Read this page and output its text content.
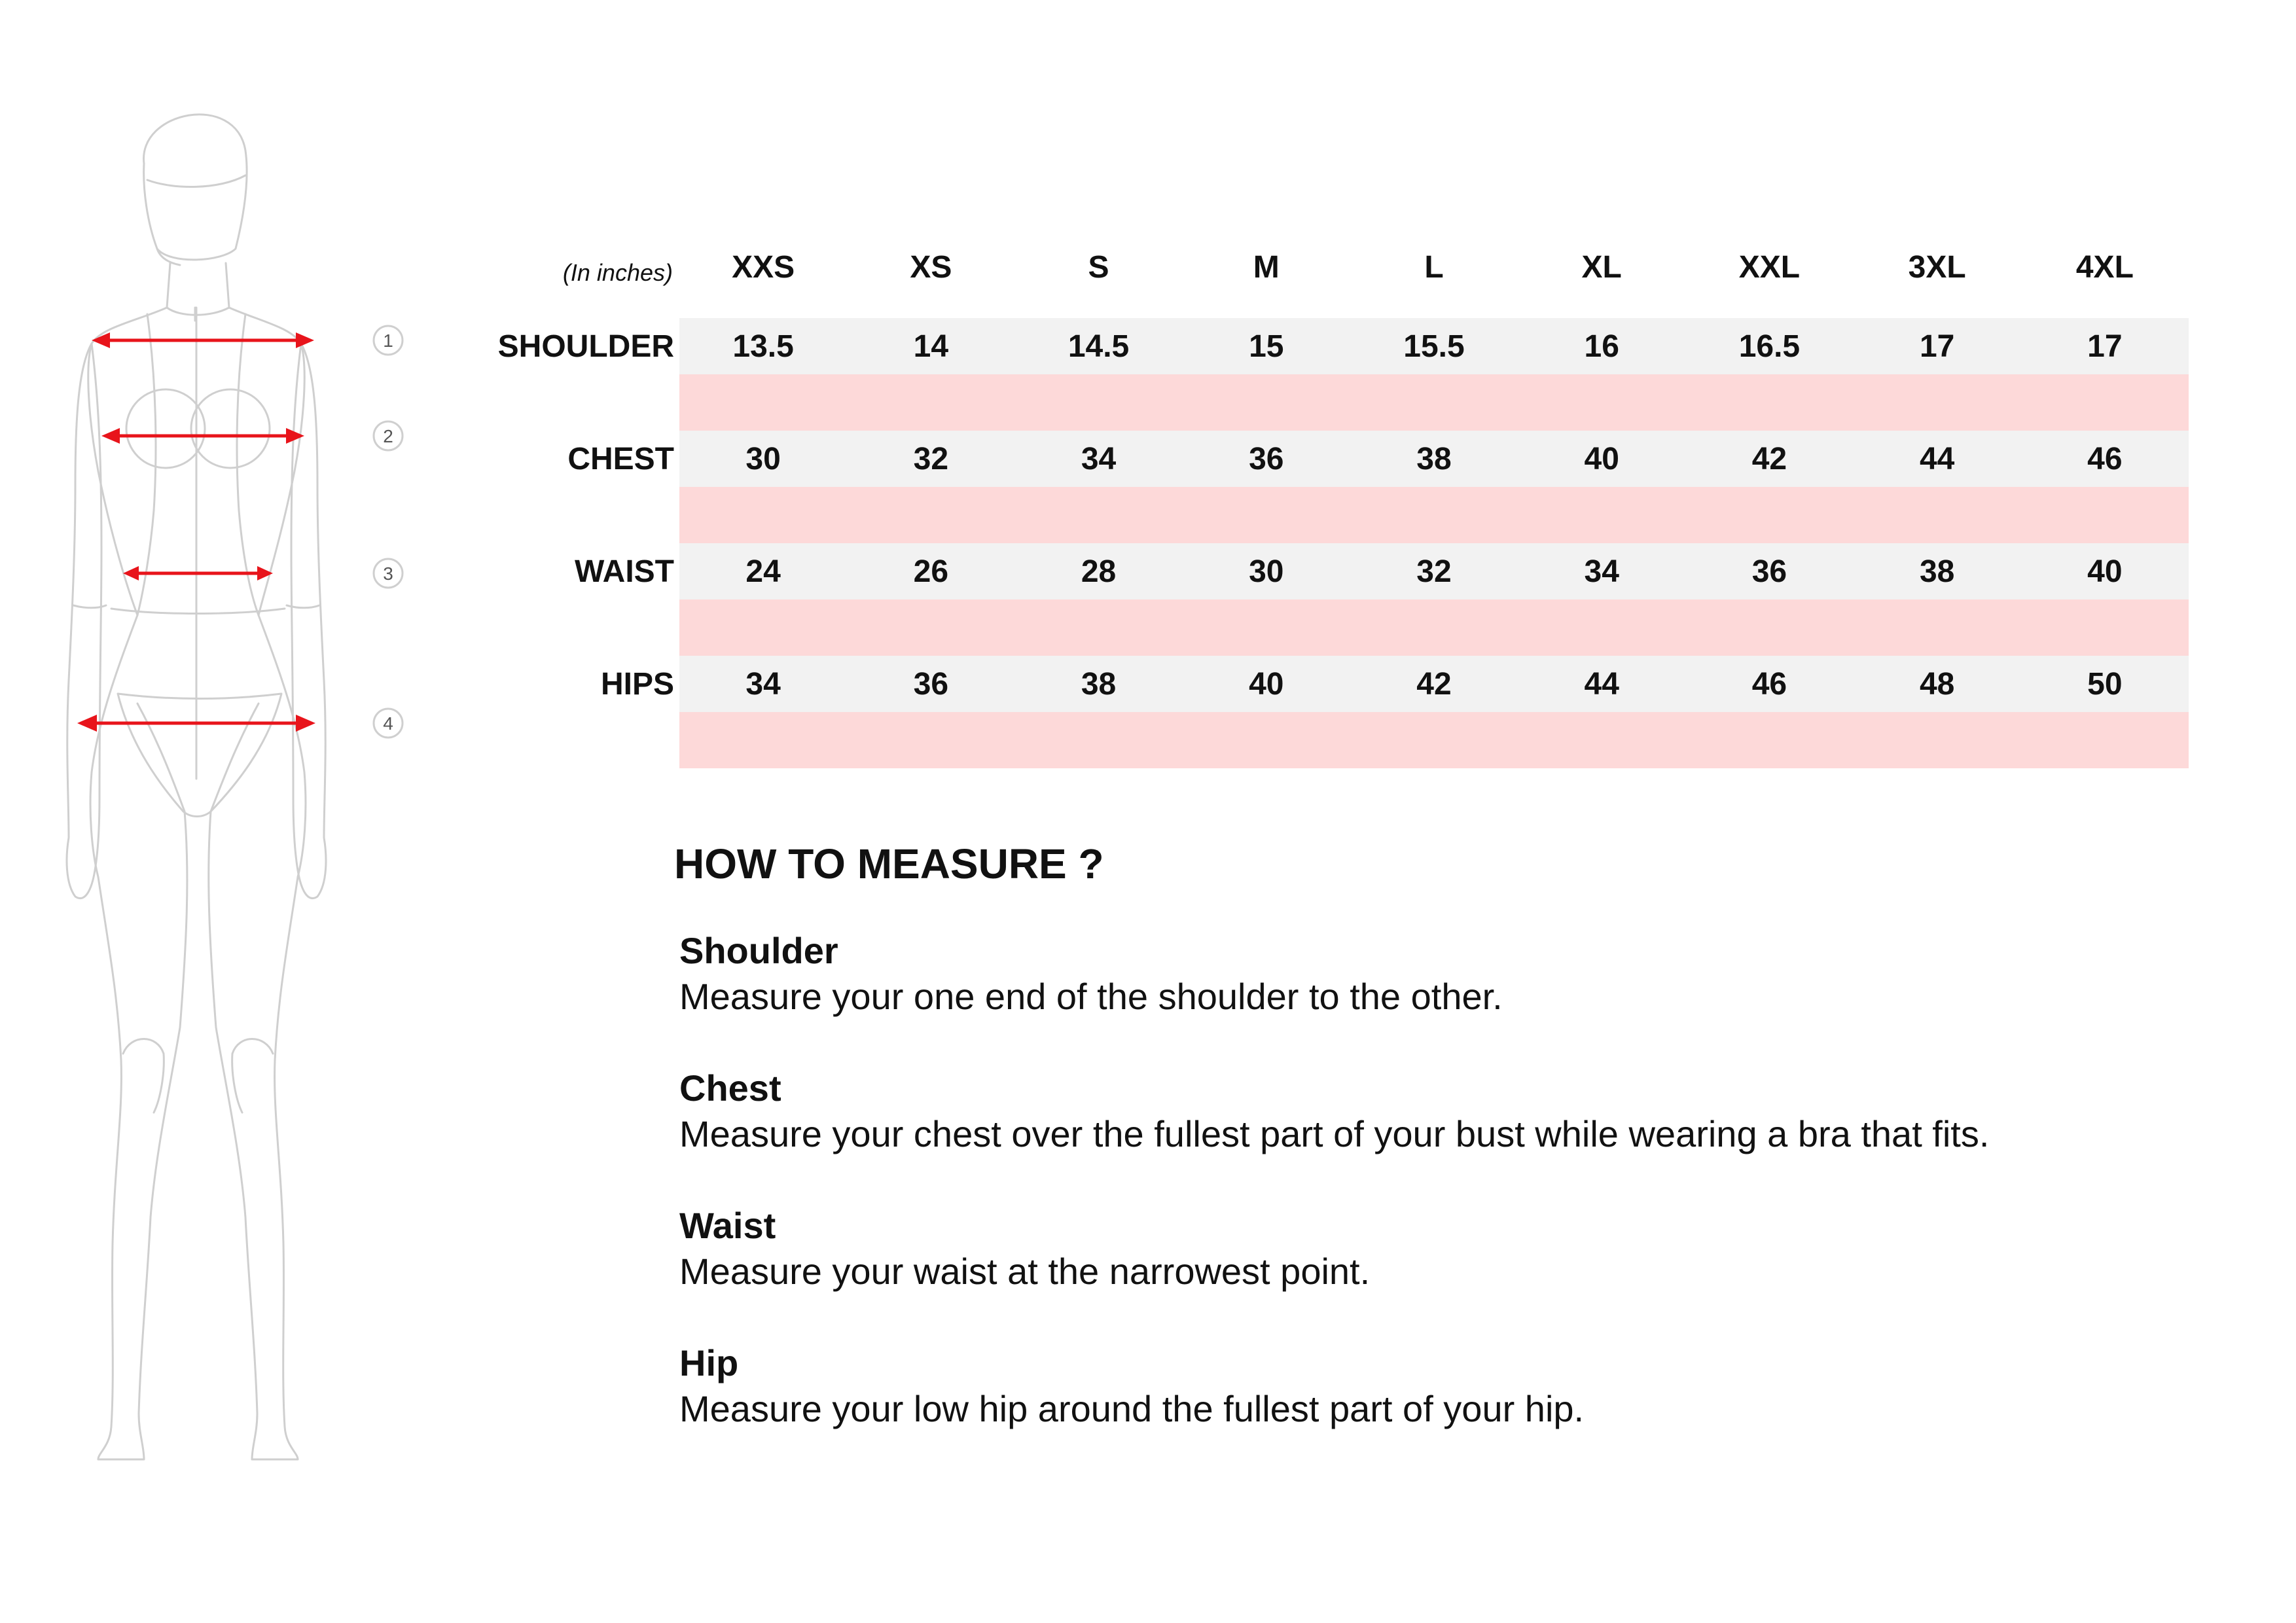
1
2
3
4
(In inches)	XXS	XS	S	M	L	XL	XXL	3XL	4XL
SHOULDER	13.5	14	14.5	15	15.5	16	16.5	17	17

CHEST	30	32	34	36	38	40	42	44	46

WAIST	24	26	28	30	32	34	36	38	40

HIPS	34	36	38	40	42	44	46	48	50

HOW TO MEASURE ?
Shoulder

Measure your one end of the shoulder to the other.

Chest

Measure your chest over the fullest part of your bust while wearing a bra that fits.

Waist

Measure your waist at the narrowest point.

Hip

Measure your low hip around the fullest part of your hip.
